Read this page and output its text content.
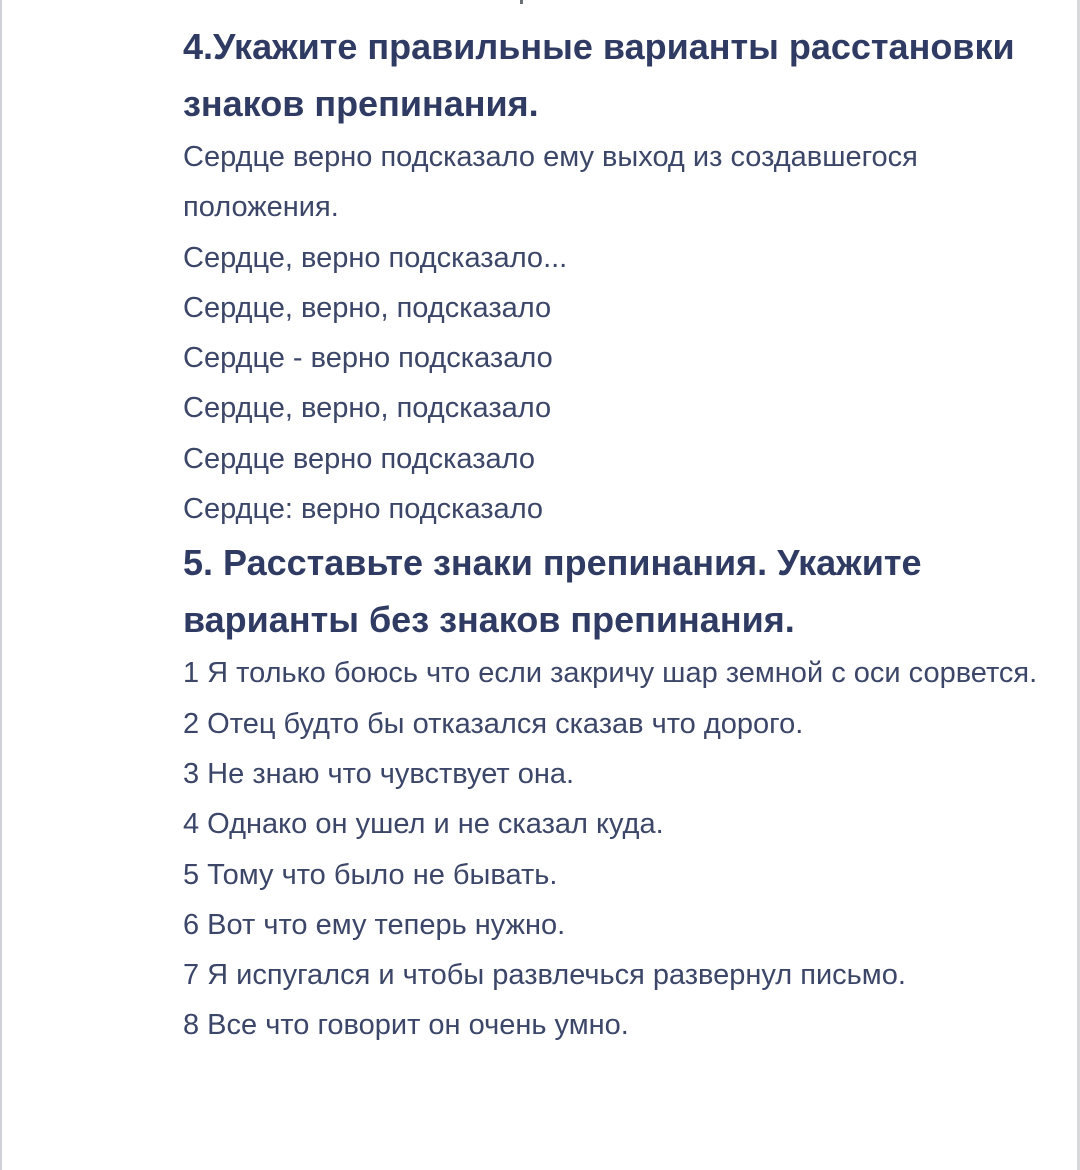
4.Укажите правильные варианты расстановки знаков препинания.
Сердце верно подсказало ему выход из создавшегося положения.
Сердце, верно подсказало...
Сердце, верно, подсказало
Сердце - верно подсказало
Сердце, верно, подсказало
Сердце верно подсказало
Сердце: верно подсказало
5. Расставьте знаки препинания. Укажите варианты без знаков препинания.
1 Я только боюсь что если закричу шар земной с оси сорвется.
2 Отец будто бы отказался сказав что дорого.
3 Не знаю что чувствует она.
4 Однако он ушел и не сказал куда.
5 Тому что было не бывать.
6 Вот что ему теперь нужно.
7 Я испугался и чтобы развлечься развернул письмо.
8 Все что говорит он очень умно.
